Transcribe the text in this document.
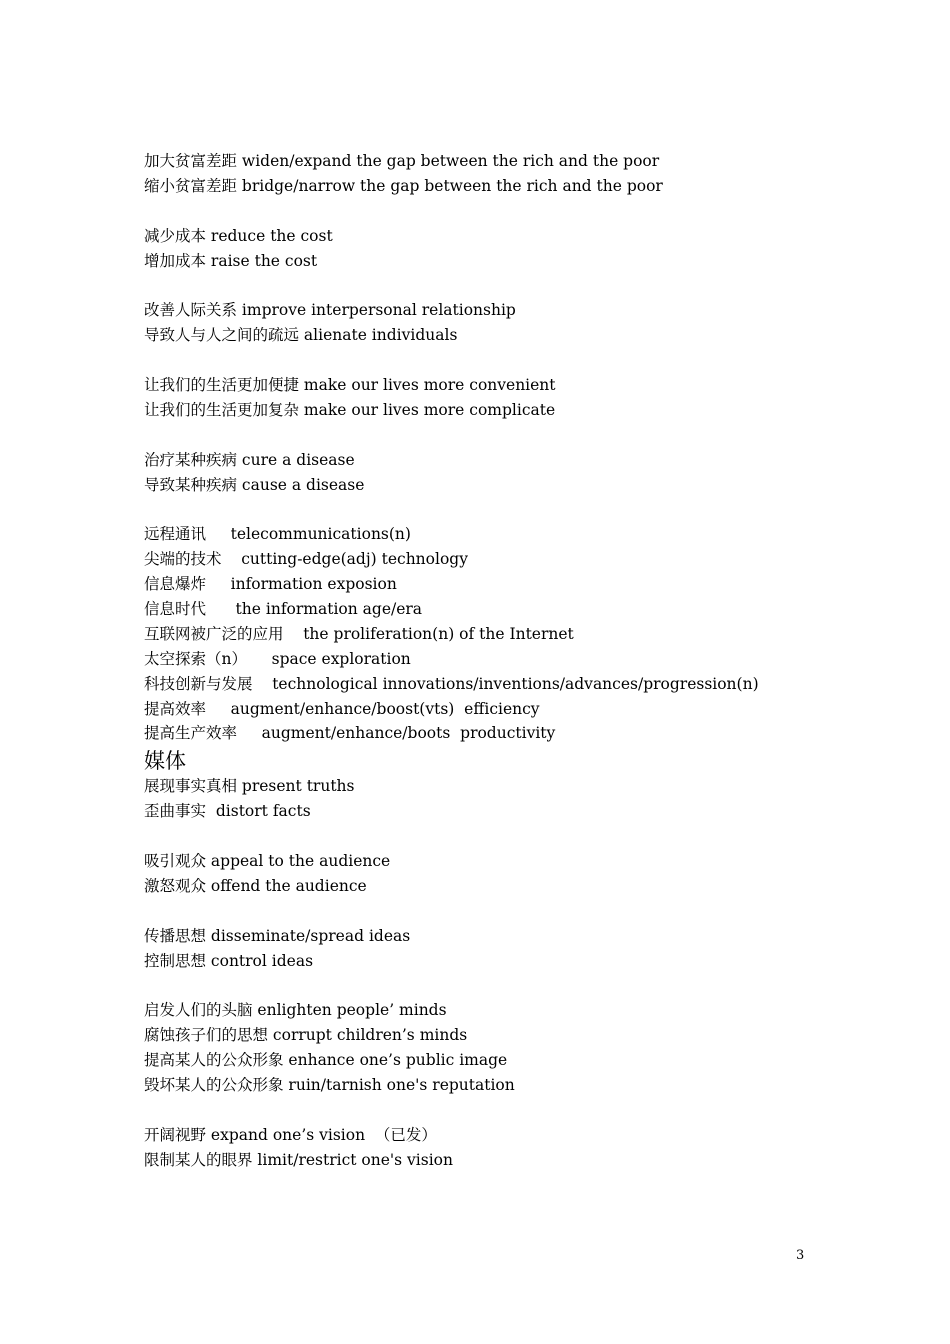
加大贫富差距 widen/expand the gap between the rich and the poor
缩小贫富差距 bridge/narrow the gap between the rich and the poor
减少成本 reduce the cost
增加成本 raise the cost
改善人际关系 improve interpersonal relationship
导致人与人之间的疏远 alienate individuals
让我们的生活更加便捷 make our lives more convenient
让我们的生活更加复杂 make our lives more complicate
治疗某种疾病 cure a disease
导致某种疾病 cause a disease
远程通讯     telecommunications(n)
尖端的技术    cutting-edge(adj) technology
信息爆炸     information exposion
信息时代      the information age/era
互联网被广泛的应用    the proliferation(n) of the Internet
太空探索（n）     space exploration
科技创新与发展    technological innovations/inventions/advances/progression(n)
提高效率     augment/enhance/boost(vts)  efficiency
提高生产效率     augment/enhance/boots  productivity
媒体
展现事实真相 present truths
歪曲事实  distort facts
吸引观众 appeal to the audience
激怒观众 offend the audience
传播思想 disseminate/spread ideas
控制思想 control ideas
启发人们的头脑 enlighten people’ minds
腐蚀孩子们的思想 corrupt children’s minds
提高某人的公众形象 enhance one’s public image
毁坏某人的公众形象 ruin/tarnish one's reputation
开阔视野 expand one’s vision  （已发）
限制某人的眼界 limit/restrict one's vision
3
